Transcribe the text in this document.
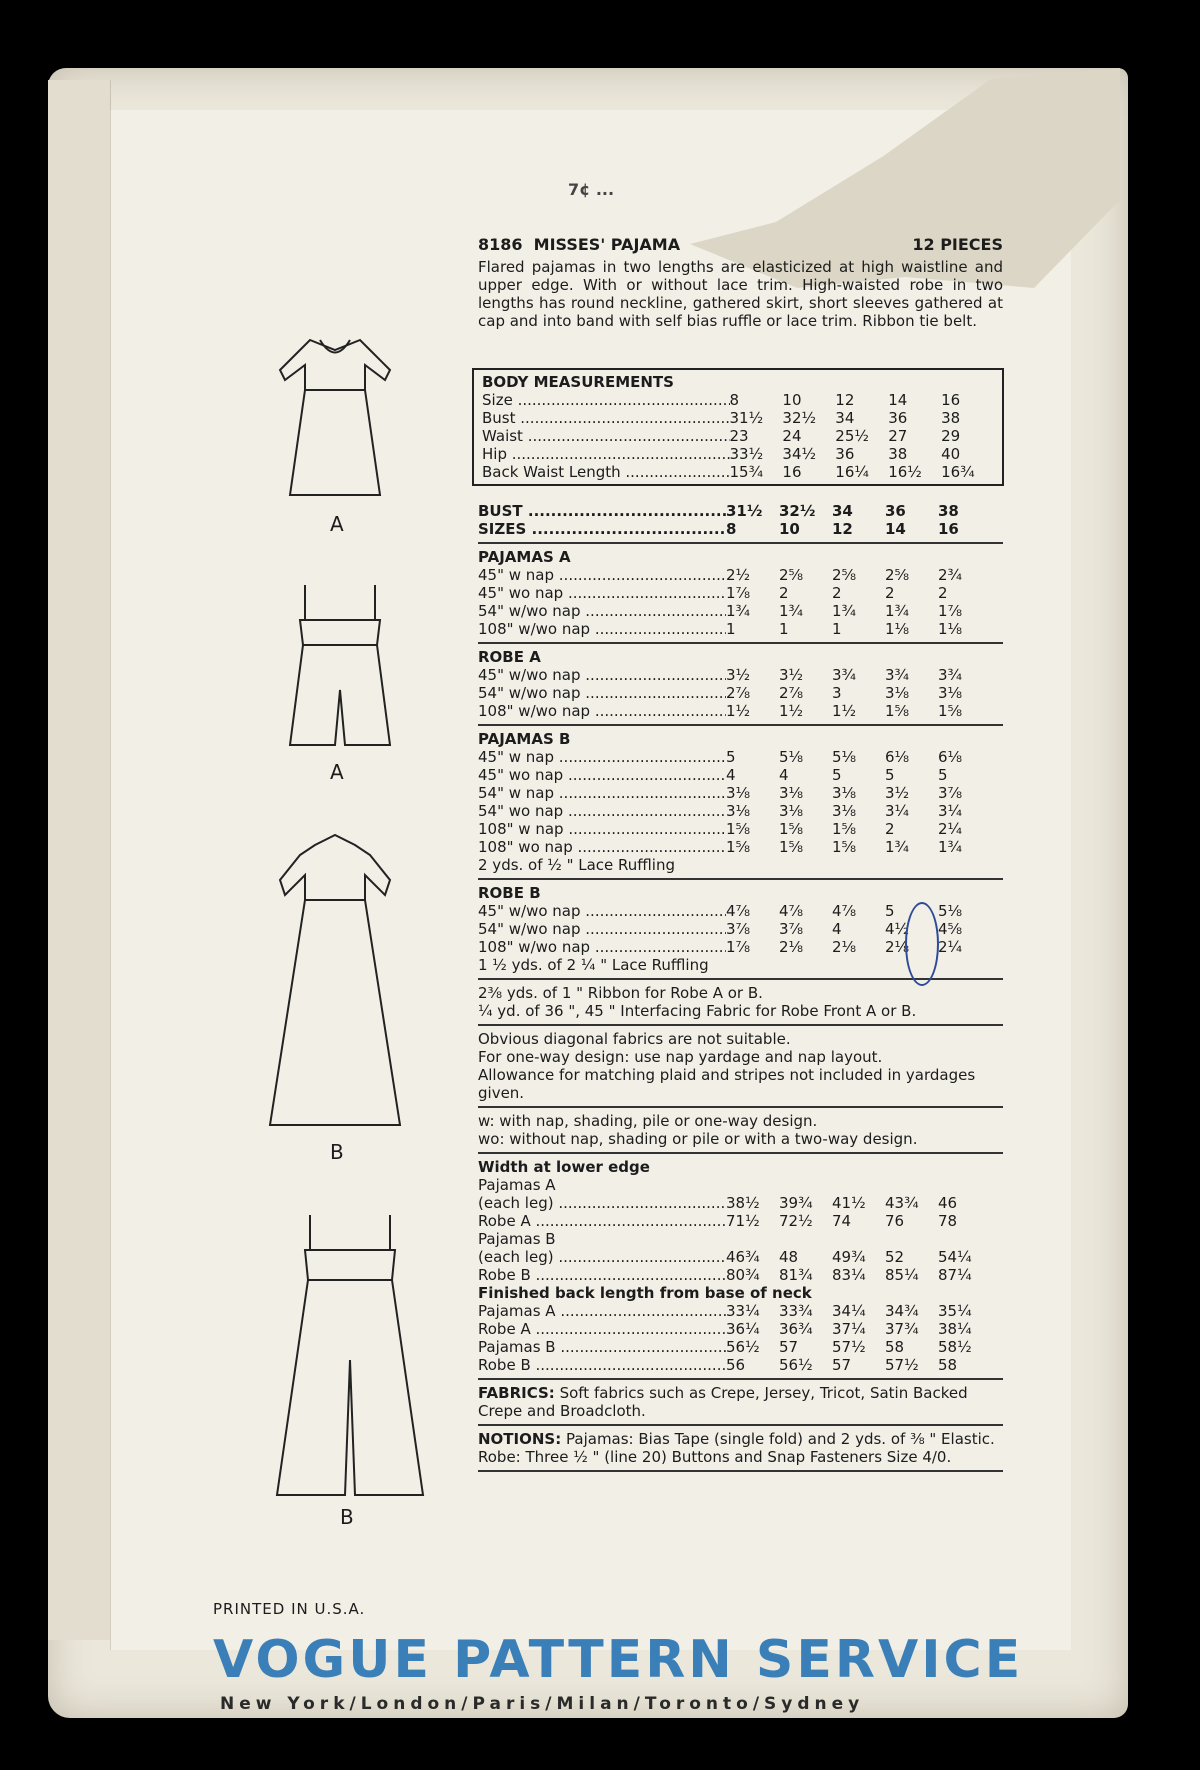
7¢ ...
A
A
B
B
8186 MISSES' PAJAMA	12 PIECES
Flared pajamas in two lengths are elasticized at high waistline and upper edge. With or without lace trim. High-waisted robe in two lengths has round neckline, gathered skirt, short sleeves gathered at cap and into band with self bias ruffle or lace trim. Ribbon tie belt.
BODY MEASUREMENTS
Size .....	8	10	12	14	16
Bust .....	31½	32½	34	36	38
Waist .....	23	24	25½	27	29
Hip .....	33½	34½	36	38	40
Back Waist Length .....	15¾	16	16¼	16½	16¾
BUST .....	31½	32½	34	36	38
SIZES .....	8	10	12	14	16
PAJAMAS A
45" w nap .....	2½	2⅝	2⅝	2⅝	2¾
45" wo nap .....	1⅞	2	2	2	2
54" w/wo nap .....	1¾	1¾	1¾	1¾	1⅞
108" w/wo nap .....	1	1	1	1⅛	1⅛
ROBE A
45" w/wo nap .....	3½	3½	3¾	3¾	3¾
54" w/wo nap .....	2⅞	2⅞	3	3⅛	3⅛
108" w/wo nap .....	1½	1½	1½	1⅝	1⅝
PAJAMAS B
45" w nap .....	5	5⅛	5⅛	6⅛	6⅛
45" wo nap .....	4	4	5	5	5
54" w nap .....	3⅛	3⅛	3⅛	3½	3⅞
54" wo nap .....	3⅛	3⅛	3⅛	3¼	3¼
108" w nap .....	1⅝	1⅝	1⅝	2	2¼
108" wo nap .....	1⅝	1⅝	1⅝	1¾	1¾
2 yds. of ½ " Lace Ruffling
ROBE B
45" w/wo nap .....	4⅞	4⅞	4⅞	5	5⅛
54" w/wo nap .....	3⅞	3⅞	4	4½	4⅝
108" w/wo nap .....	1⅞	2⅛	2⅛	2⅛	2¼
1 ½ yds. of 2 ¼ " Lace Ruffling
2⅜ yds. of 1 " Ribbon for Robe A or B.
¼ yd. of 36 ", 45 " Interfacing Fabric for Robe Front A or B.
Obvious diagonal fabrics are not suitable.
For one-way design: use nap yardage and nap layout.
Allowance for matching plaid and stripes not included in yardages given.
w: with nap, shading, pile or one-way design.
wo: without nap, shading or pile or with a two-way design.
Width at lower edge
Pajamas A
(each leg) .....	38½	39¾	41½	43¾	46
Robe A .....	71½	72½	74	76	78
Pajamas B
(each leg) .....	46¾	48	49¾	52	54¼
Robe B .....	80¾	81¾	83¼	85¼	87¼
Finished back length from base of neck
Pajamas A .....	33¼	33¾	34¼	34¾	35¼
Robe A .....	36¼	36¾	37¼	37¾	38¼
Pajamas B .....	56½	57	57½	58	58½
Robe B .....	56	56½	57	57½	58
FABRICS: Soft fabrics such as Crepe, Jersey, Tricot, Satin Backed Crepe and Broadcloth.
NOTIONS: Pajamas: Bias Tape (single fold) and 2 yds. of ⅜ " Elastic. Robe: Three ½ " (line 20) Buttons and Snap Fasteners Size 4/0.
PRINTED IN U.S.A.
VOGUE PATTERN SERVICE
New York/London/Paris/Milan/Toronto/Sydney
